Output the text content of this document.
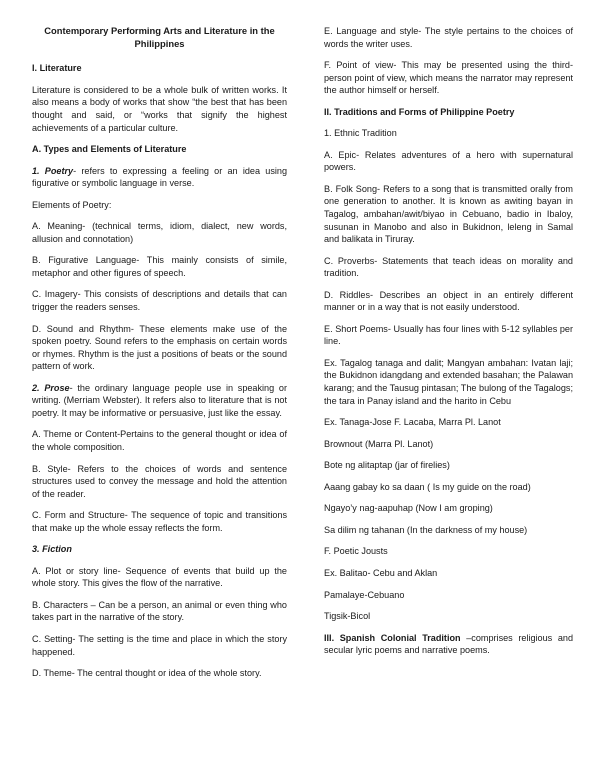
Contemporary Performing Arts and Literature in the Philippines

I. Literature

Literature is considered to be a whole bulk of written works. It also means a body of works that show “the best that has been thought and said, or “works that signify the highest achievements of a particular culture.

A. Types and Elements of Literature

1. Poetry- refers to expressing a feeling or an idea using figurative or symbolic language in verse.

Elements of Poetry:

A. Meaning- (technical terms, idiom, dialect, new words, allusion and connotation)

B. Figurative Language- This mainly consists of simile, metaphor and other figures of speech.

C. Imagery- This consists of descriptions and details that can trigger the readers senses.

D. Sound and Rhythm- These elements make use of the spoken poetry. Sound refers to the emphasis on certain words or rhymes. Rhythm is the just a positions of beats or the sound pattern of work.

2. Prose- the ordinary language people use in speaking or writing. (Merriam Webster). It refers also to literature that is not poetry. It may be informative or persuasive, just like the essay.

A. Theme or Content-Pertains to the general thought or idea of the whole composition.

B. Style- Refers to the choices of words and sentence structures used to convey the message and hold the attention of the reader.

C. Form and Structure- The sequence of topic and transitions that make up the whole essay reflects the form.

3. Fiction

A. Plot or story line- Sequence of events that build up the whole story. This gives the flow of the narrative.

B. Characters – Can be a person, an animal or even thing who takes part in the narrative of the story.

C. Setting- The setting is the time and place in which the story happened.

D. Theme- The central thought or idea of the whole story.

E. Language and style- The style pertains to the choices of words the writer uses.

F. Point of view- This may be presented using the third-person point of view, which means the narrator may represent the author himself or herself.

II. Traditions and Forms of Philippine Poetry

1. Ethnic Tradition

A. Epic- Relates adventures of a hero with supernatural powers.

B. Folk Song- Refers to a song that is transmitted orally from one generation to another. It is known as awiting bayan in Tagalog, ambahan/awit/biyao in Cebuano, badio in Ibaloy, susunan in Manobo and also in Bukidnon, leleng in Samal and balikata in Tiruray.

C. Proverbs- Statements that teach ideas on morality and tradition.

D. Riddles- Describes an object in an entirely different manner or in a way that is not easily understood.

E. Short Poems- Usually has four lines with 5-12 syllables per line.

Ex. Tagalog tanaga and dalit; Mangyan ambahan: Ivatan laji; the Bukidnon idangdang and extended basahan; the Palawan karang; and the Tausug pintasan; The bulong of the Tagalogs; the tara in Panay island and the harito in Cebu

Ex. Tanaga-Jose F. Lacaba, Marra Pl. Lanot

Brownout (Marra Pl. Lanot)

Bote ng alitaptap (jar of firelies)

Aaang gabay ko sa daan ( Is my guide on the road)

Ngayo’y nag-aapuhap (Now I am groping)

Sa dilim ng tahanan (In the darkness of my house)

F. Poetic Jousts

Ex. Balitao- Cebu and Aklan

Pamalaye-Cebuano

Tigsik-Bicol

III. Spanish Colonial Tradition –comprises religious and secular lyric poems and narrative poems.
